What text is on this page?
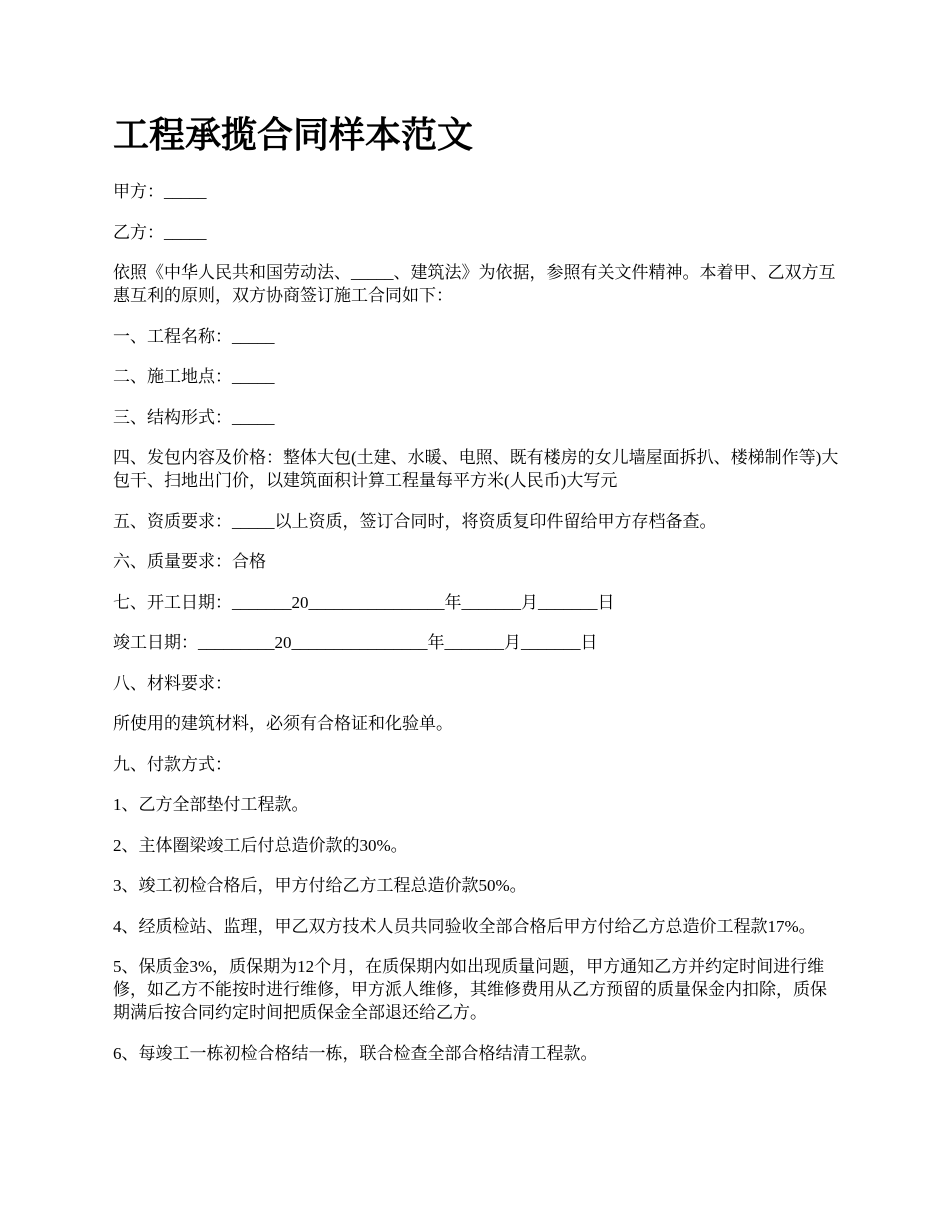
工程承揽合同样本范文

甲方：_____

乙方：_____

依照《中华人民共和国劳动法、_____、建筑法》为依据，参照有关文件精神。本着甲、乙双方互惠互利的原则，双方协商签订施工合同如下：

一、工程名称：_____

二、施工地点：_____

三、结构形式：_____

四、发包内容及价格：整体大包(土建、水暖、电照、既有楼房的女儿墙屋面拆扒、楼梯制作等)大包干、扫地出门价，以建筑面积计算工程量每平方米(人民币)大写元

五、资质要求：_____以上资质，签订合同时，将资质复印件留给甲方存档备查。

六、质量要求：合格

七、开工日期：_______20________________年_______月_______日

竣工日期：_________20________________年_______月_______日

八、材料要求：

所使用的建筑材料，必须有合格证和化验单。

九、付款方式：

1、乙方全部垫付工程款。

2、主体圈梁竣工后付总造价款的30%。

3、竣工初检合格后，甲方付给乙方工程总造价款50%。

4、经质检站、监理，甲乙双方技术人员共同验收全部合格后甲方付给乙方总造价工程款17%。

5、保质金3%，质保期为12个月，在质保期内如出现质量问题，甲方通知乙方并约定时间进行维修，如乙方不能按时进行维修，甲方派人维修，其维修费用从乙方预留的质量保金内扣除，质保期满后按合同约定时间把质保金全部退还给乙方。

6、每竣工一栋初检合格结一栋，联合检查全部合格结清工程款。
